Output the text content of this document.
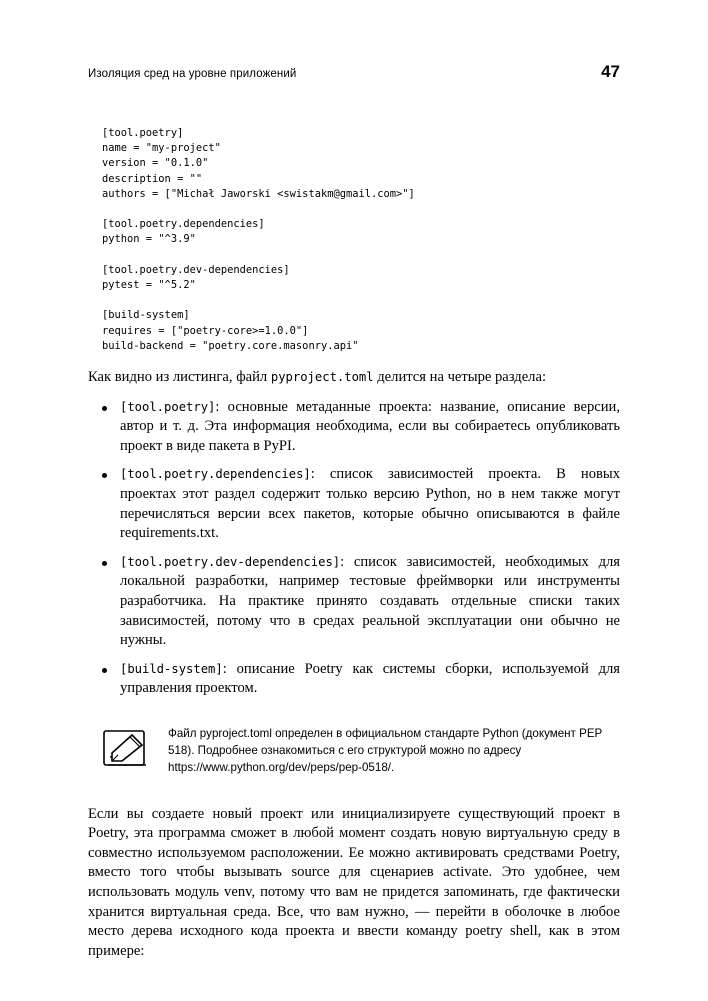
Изоляция сред на уровне приложений	47
[tool.poetry]
name = "my-project"
version = "0.1.0"
description = ""
authors = ["Michał Jaworski <swistakm@gmail.com>"]

[tool.poetry.dependencies]
python = "^3.9"

[tool.poetry.dev-dependencies]
pytest = "^5.2"

[build-system]
requires = ["poetry-core>=1.0.0"]
build-backend = "poetry.core.masonry.api"

Как видно из листинга, файл pyproject.toml делится на четыре раздела:

[tool.poetry]: основные метаданные проекта: название, описание версии, автор и т. д. Эта информация необходима, если вы собираетесь опубликовать проект в виде пакета в PyPI.
[tool.poetry.dependencies]: список зависимостей проекта. В новых проектах этот раздел содержит только версию Python, но в нем также могут перечисляться версии всех пакетов, которые обычно описываются в файле requirements.txt.
[tool.poetry.dev-dependencies]: список зависимостей, необходимых для локальной разработки, например тестовые фреймворки или инструменты разработчика. На практике принято создавать отдельные списки таких зависимостей, потому что в средах реальной эксплуатации они обычно не нужны.
[build-system]: описание Poetry как системы сборки, используемой для управления проектом.
Файл pyproject.toml определен в официальном стандарте Python (документ PEP 518). Подробнее ознакомиться с его структурой можно по адресу https://www.python.org/dev/peps/pep-0518/.

Если вы создаете новый проект или инициализируете существующий проект в Poetry, эта программа сможет в любой момент создать новую виртуальную среду в совместно используемом расположении. Ее можно активировать средствами Poetry, вместо того чтобы вызывать source для сценариев activate. Это удобнее, чем использовать модуль venv, потому что вам не придется запоминать, где фактически хранится виртуальная среда. Все, что вам нужно, — перейти в оболочке в любое место дерева исходного кода проекта и ввести команду poetry shell, как в этом примере:
